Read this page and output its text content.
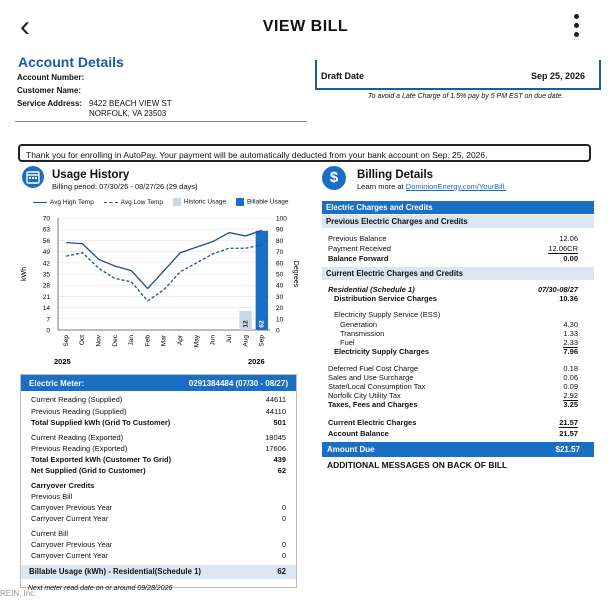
‹	VIEW BILL
Account Details
Account Number:
Customer Name:
Service Address: 9422 BEACH VIEW ST
NORFOLK, VA 23503
Draft Date	Sep 25, 2026
To avoid a Late Charge of 1.5% pay by 5 PM EST on due date.
Thank you for enrolling in AutoPay. Your payment will be automatically deducted from your bank account on Sep. 25, 2026.
Usage History
Billing period: 07/30/26 - 08/27/26 (29 days)
Avg High Temp	Avg Low Temp	Historic Usage	Billable Usage
0
7
14
21
28
35
42
49
56
63
70
0
10
20
30
40
50
60
70
80
90
100
kWh	Degrees
12 62
Sep Oct Nov Dec Jan Feb Mar Apr May Jun Jul Aug Sep
2025	2026
Electric Meter:	0291384484 (07/30 - 08/27)
Current Reading (Supplied)	44611
Previous Reading (Supplied)	44110
Total Supplied kWh (Grid To Customer)	501
Current Reading (Exported)	18045
Previous Reading (Exported)	17606
Total Exported kWh (Customer To Grid)	439
Net Supplied (Grid to Customer)	62
Carryover Credits
Previous Bill
Carryover Previous Year	0
Carryover Current Year	0
Current Bill
Carryover Previous Year	0
Carryover Current Year	0
Billable Usage (kWh) - Residential(Schedule 1)	62
Next meter read date on or around 09/28/2026
$	Billing Details
Learn more at DominionEnergy.com/YourBill.
Electric Charges and Credits
Previous Electric Charges and Credits
Previous Balance	12.06
Payment Received	12.06CR
Balance Forward	0.00
Current Electric Charges and Credits
Residential (Schedule 1)	07/30-08/27
Distribution Service Charges	10.36
Electricity Supply Service (ESS)
Generation	4.30
Transmission	1.33
Fuel	2.33
Electricity Supply Charges	7.96
Deferred Fuel Cost Charge	0.18
Sales and Use Surcharge	0.06
State/Local Consumption Tax	0.09
Norfolk City Utility Tax	2.92
Taxes, Fees and Charges	3.25
Current Electric Charges	21.57
Account Balance	21.57
Amount Due	$21.57
ADDITIONAL MESSAGES ON BACK OF BILL
REIN, Inc.
